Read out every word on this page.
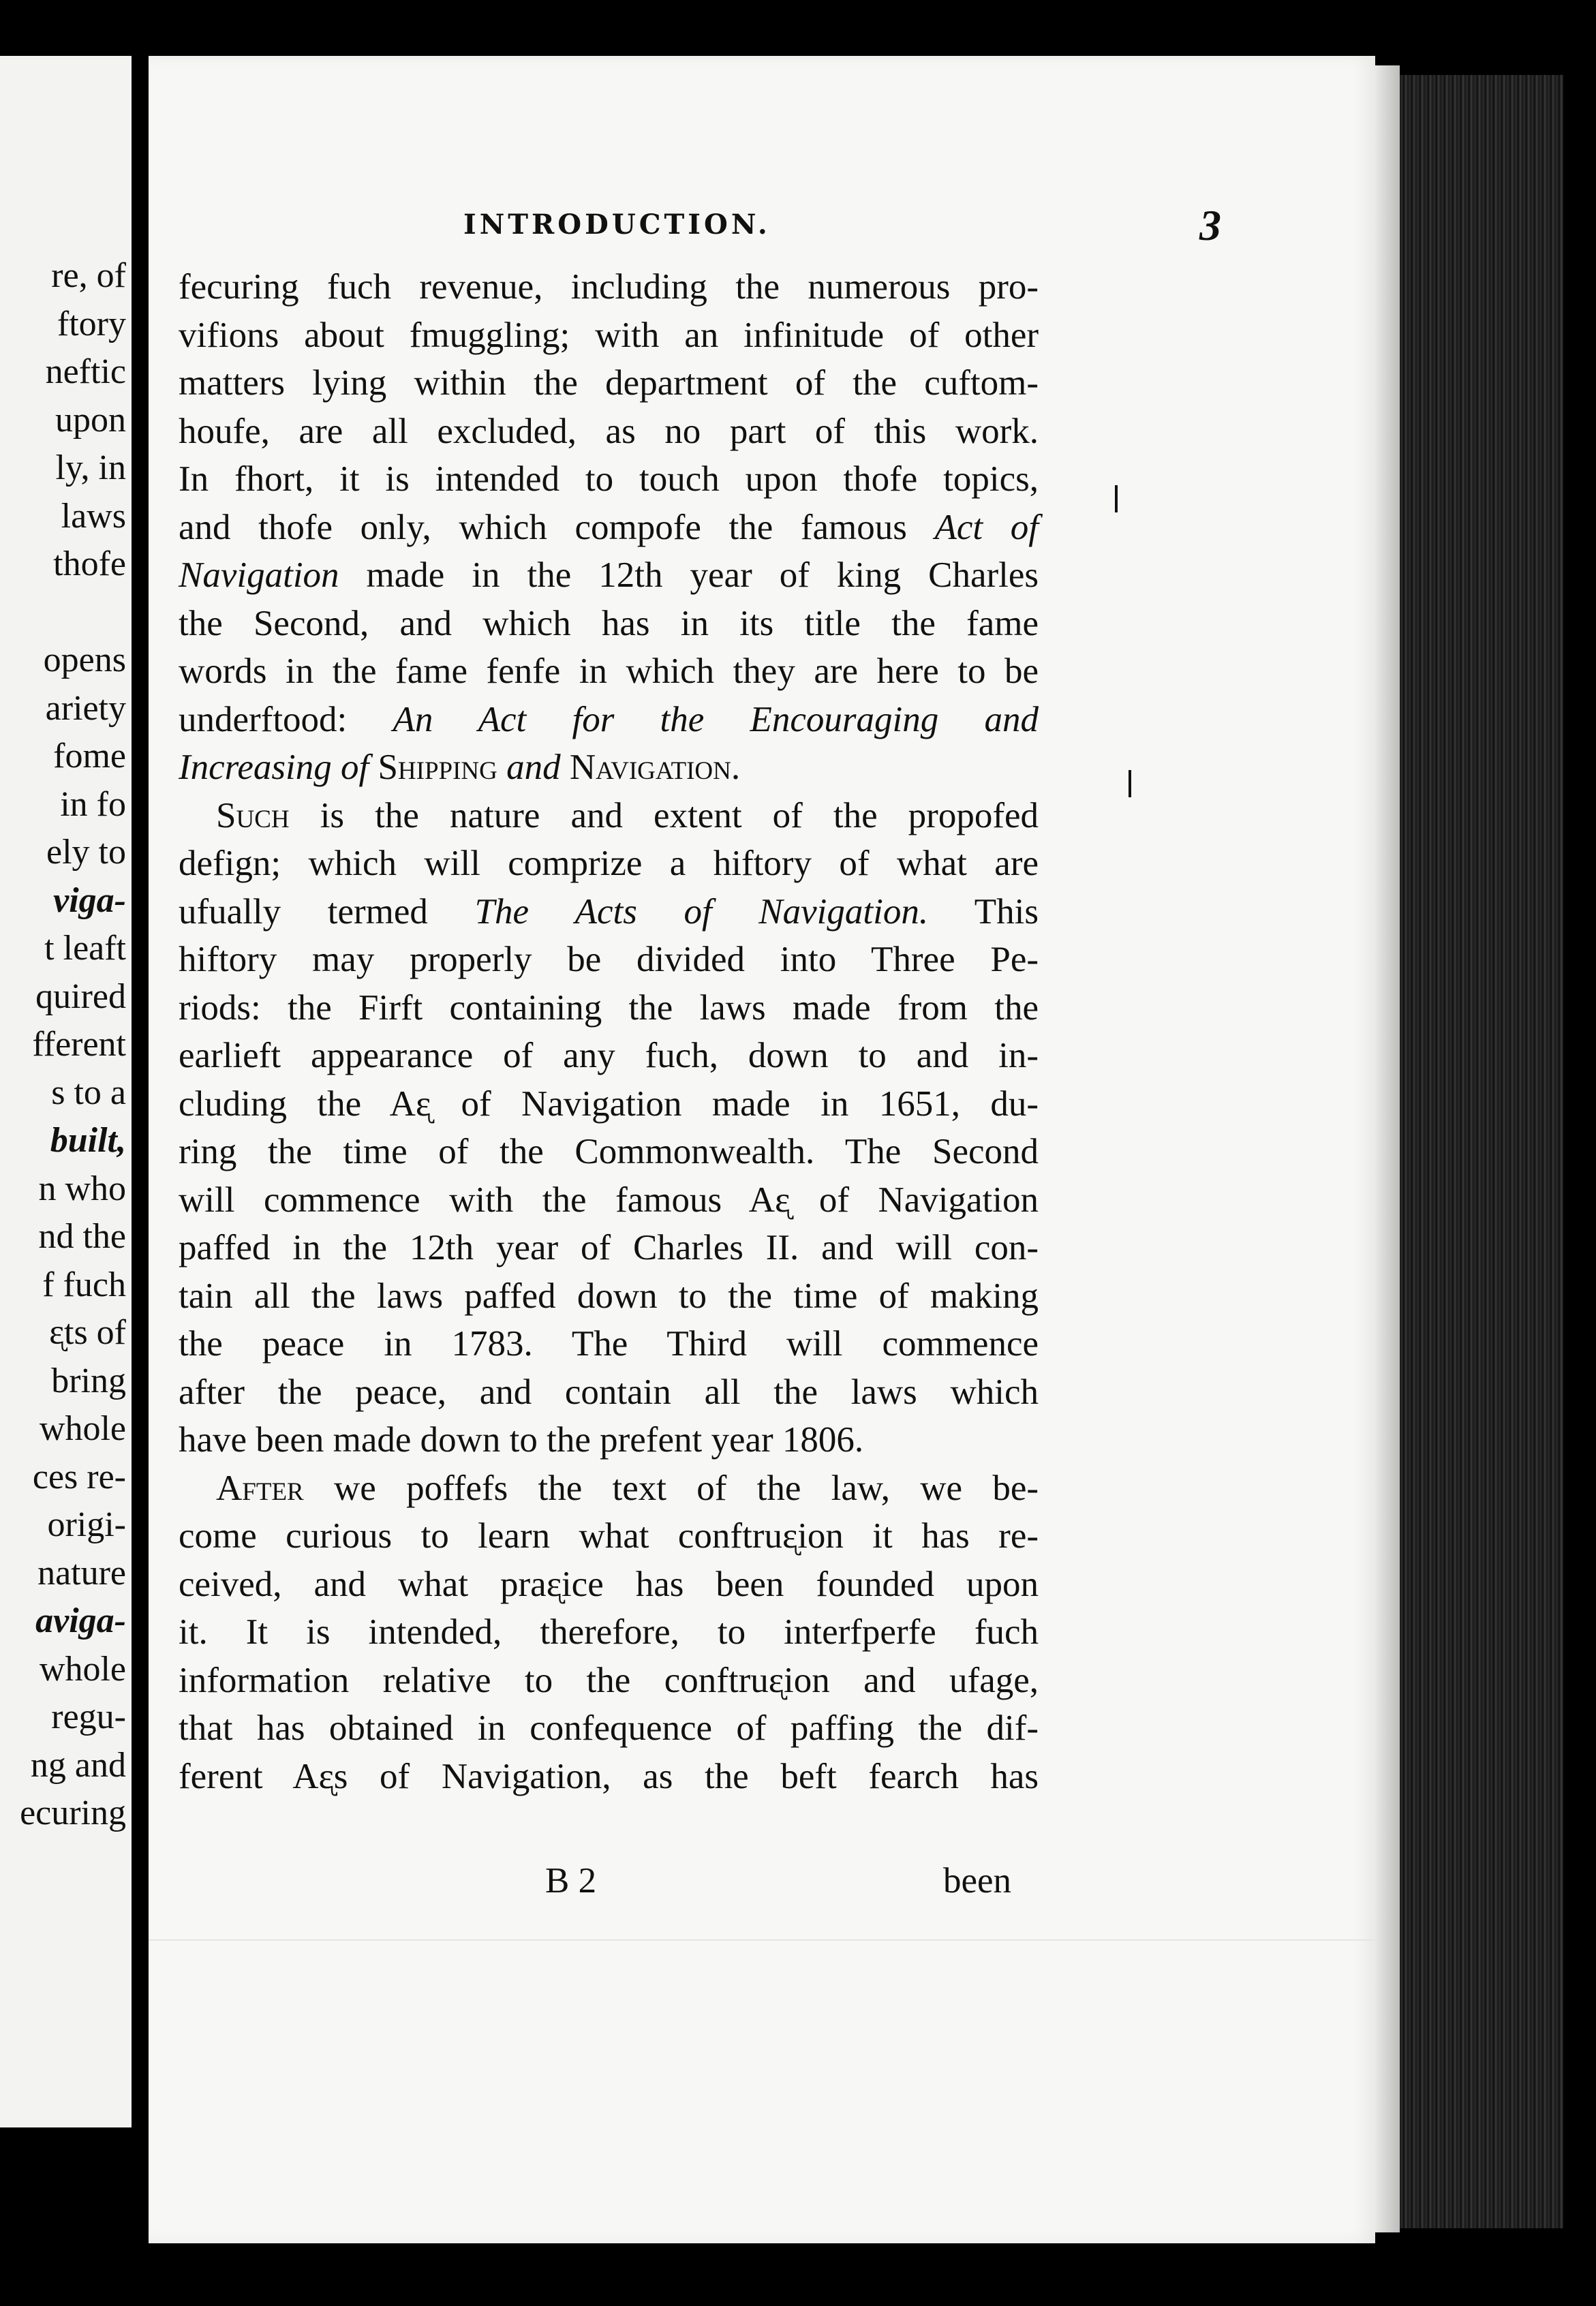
re, of
ftory
neftic
upon
ly, in
laws
thofe

opens
ariety
fome
in fo
ely to
viga-
t leaft
quired
fferent
s to a
built,
n who
nd the
f fuch
ᶓts of
bring
whole
ces re-
origi-
nature
aviga-
whole
regu-
ng and
ecuring
INTRODUCTION.	3
fecuring fuch revenue, including the numerous pro-
vifions about fmuggling; with an infinitude of other
matters lying within the department of the cuftom-
houfe, are all excluded, as no part of this work.
In fhort, it is intended to touch upon thofe topics,
and thofe only, which compofe the famous Act of
Navigation made in the 12th year of king Charles
the Second, and which has in its title the fame
words in the fame fenfe in which they are here to be
underftood: An Act for the Encouraging and
Increasing of Shipping and Navigation.
Such is the nature and extent of the propofed
defign; which will comprize a hiftory of what are
ufually termed The Acts of Navigation. This
hiftory may properly be divided into Three Pe-
riods: the Firft containing the laws made from the
earlieft appearance of any fuch, down to and in-
cluding the Aᶓ of Navigation made in 1651, du-
ring the time of the Commonwealth. The Second
will commence with the famous Aᶓ of Navigation
paffed in the 12th year of Charles II. and will con-
tain all the laws paffed down to the time of making
the peace in 1783. The Third will commence
after the peace, and contain all the laws which
have been made down to the prefent year 1806.
After we poffefs the text of the law, we be-
come curious to learn what conftruᶓion it has re-
ceived, and what praᶓice has been founded upon
it. It is intended, therefore, to interfperfe fuch
information relative to the conftruᶓion and ufage,
that has obtained in confequence of paffing the dif-
ferent Aᶓs of Navigation, as the beft fearch has
B 2	been
